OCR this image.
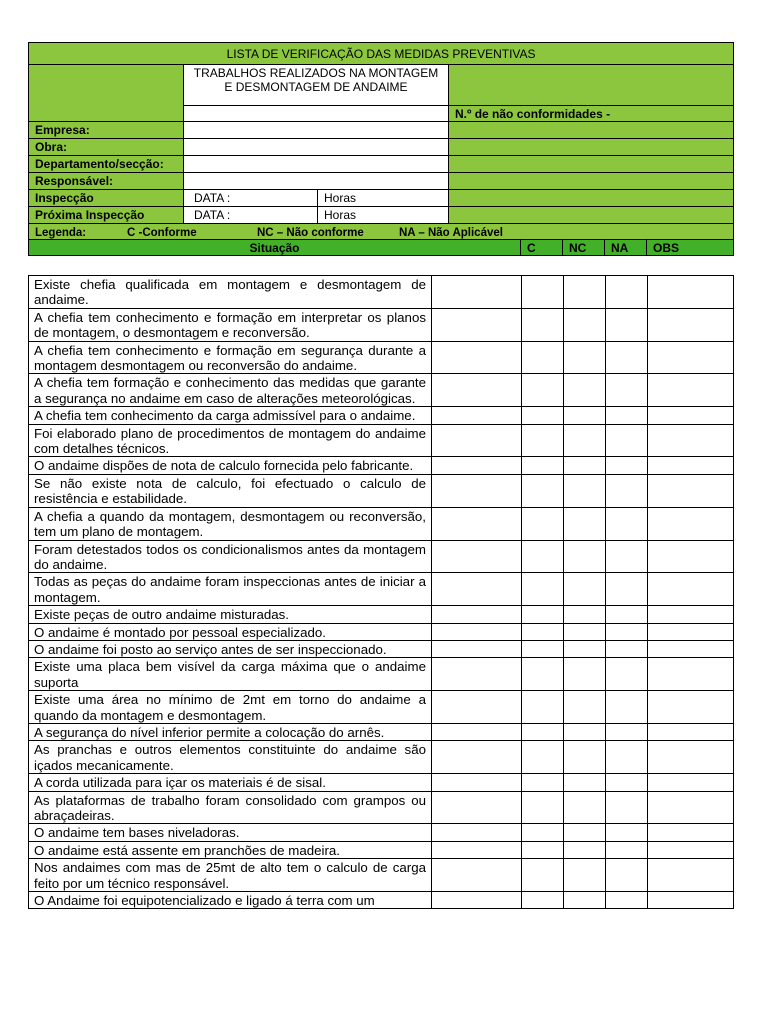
LISTA DE VERIFICAÇÃO DAS MEDIDAS PREVENTIVAS							
	TRABALHOS REALIZADOS NA MONTAGEM E DESMONTAGEM DE ANDAIME						
			N.º de não conformidades -				
Empresa:							
Obra:							
Departamento/secção:							
Responsável:							
Inspecção	DATA :	Horas					
Próxima Inspecção	DATA :	Horas					
Legenda: C -Conforme NC – Não conforme NA – Não Aplicável							
Situação				C	NC	NA	OBS
Existe chefia qualificada em montagem e desmontagem de andaime.					
A chefia tem conhecimento e formação em interpretar os planos de montagem, o desmontagem e reconversão.					
A chefia tem conhecimento e formação em segurança durante a montagem desmontagem ou reconversão do andaime.					
A chefia tem formação e conhecimento das medidas que garante a segurança no andaime em caso de alterações meteorológicas.					
A chefia tem conhecimento da carga admissível para o andaime.					
Foi elaborado plano de procedimentos de montagem do andaime com detalhes técnicos.					
O andaime dispões de nota de calculo fornecida pelo fabricante.					
Se não existe nota de calculo, foi efectuado o calculo de resistência e estabilidade.					
A chefia a quando da montagem, desmontagem ou reconversão, tem um plano de montagem.					
Foram detestados todos os condicionalismos antes da montagem do andaime.					
Todas as peças do andaime foram inspeccionas antes de iniciar a montagem.					
Existe peças de outro andaime misturadas.					
O andaime é montado por pessoal especializado.					
O andaime foi posto ao serviço antes de ser inspeccionado.					
Existe uma placa bem visível da carga máxima que o andaime suporta					
Existe uma área no mínimo de 2mt em torno do andaime a quando da montagem e desmontagem.					
A segurança do nível inferior permite a colocação do arnês.					
As pranchas e outros elementos constituinte do andaime são içados mecanicamente.					
A corda utilizada para içar os materiais é de sisal.					
As plataformas de trabalho foram consolidado com grampos ou abraçadeiras.					
O andaime tem bases niveladoras.					
O andaime está assente em pranchões de madeira.					
Nos andaimes com mas de 25mt de alto tem o calculo de carga feito por um técnico responsável.					
O Andaime foi equipotencializado e ligado á terra com um					
